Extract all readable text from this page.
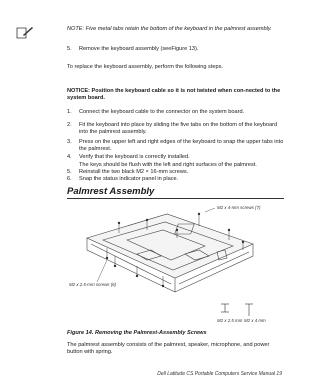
NOTE: Five metal tabs retain the bottom of the keyboard in the palmrest assembly.
5. Remove the keyboard assembly (seeFigure 13).
To replace the keyboard assembly, perform the following steps.
NOTICE: Position the keyboard cable so it is not twisted when con-nected to the system board.
1. Connect the keyboard cable to the connector on the system board.
2. Fit the keyboard into place by sliding the five tabs on the bottom of the keyboard into the palmrest assembly.
3. Press on the upper left and right edges of the keyboard to snap the upper tabs into the palmrest.
4. Verify that the keyboard is correctly installed.
The keys should be flush with the left and right surfaces of the palmrest.
5. Reinstall the two black M2 × 16-mm screws.
6. Snap the status indicator panel in place.
Palmrest Assembly
M2 x 4-mm screws (7)
M2 x 2.5-mm screws (6)
M2 x 2.5 mm M2 x 4 mm
Figure 14. Removing the Palmrest-Assembly Screws
The palmrest assembly consists of the palmrest, speaker, microphone, and power button with spring.
Dell Latitude CS Portable Computers Service Manual 19
